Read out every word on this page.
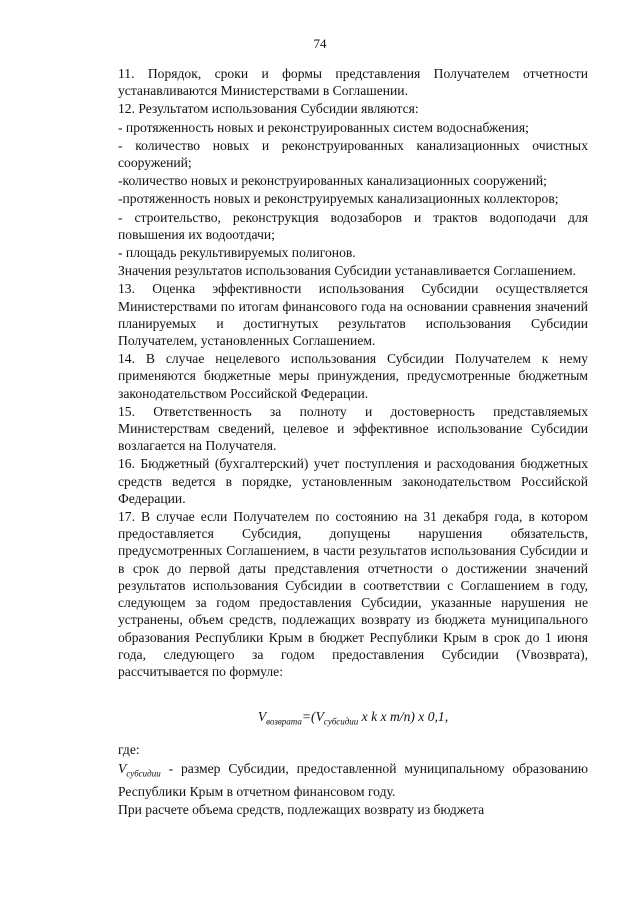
74

11. Порядок, сроки и формы представления Получателем отчетности устанавливаются Министерствами в Соглашении.

12. Результатом использования Субсидии являются:

- протяженность новых и реконструированных систем водоснабжения;

- количество новых и реконструированных канализационных очистных сооружений;

-количество новых и реконструированных канализационных сооружений;

-протяженность новых и реконструируемых канализационных коллекторов;

- строительство, реконструкция водозаборов и трактов водоподачи для повышения их водоотдачи;

- площадь рекультивируемых полигонов.

Значения результатов использования Субсидии устанавливается Соглашением.

13. Оценка эффективности использования Субсидии осуществляется Министерствами по итогам финансового года на основании сравнения значений планируемых и достигнутых результатов использования Субсидии Получателем, установленных Соглашением.

14. В случае нецелевого использования Субсидии Получателем к нему применяются бюджетные меры принуждения, предусмотренные бюджетным законодательством Российской Федерации.

15. Ответственность за полноту и достоверность представляемых Министерствам сведений, целевое и эффективное использование Субсидии возлагается на Получателя.

16. Бюджетный (бухгалтерский) учет поступления и расходования бюджетных средств ведется в порядке, установленным законодательством Российской Федерации.

17. В случае если Получателем по состоянию на 31 декабря года, в котором предоставляется Субсидия, допущены нарушения обязательств, предусмотренных Соглашением, в части результатов использования Субсидии и в срок до первой даты представления отчетности о достижении значений результатов использования Субсидии в соответствии с Соглашением в году, следующем за годом предоставления Субсидии, указанные нарушения не устранены, объем средств, подлежащих возврату из бюджета муниципального образования Республики Крым в бюджет Республики Крым в срок до 1 июня года, следующего за годом предоставления Субсидии (Vвозврата), рассчитывается по формуле:

$V_{возврата}=(V_{субсидии}$ x k x m/n) x 0,1,

где:

$V_{субсидии}$ - размер Субсидии, предоставленной муниципальному образованию Республики Крым в отчетном финансовом году.

При расчете объема средств, подлежащих возврату из бюджета
